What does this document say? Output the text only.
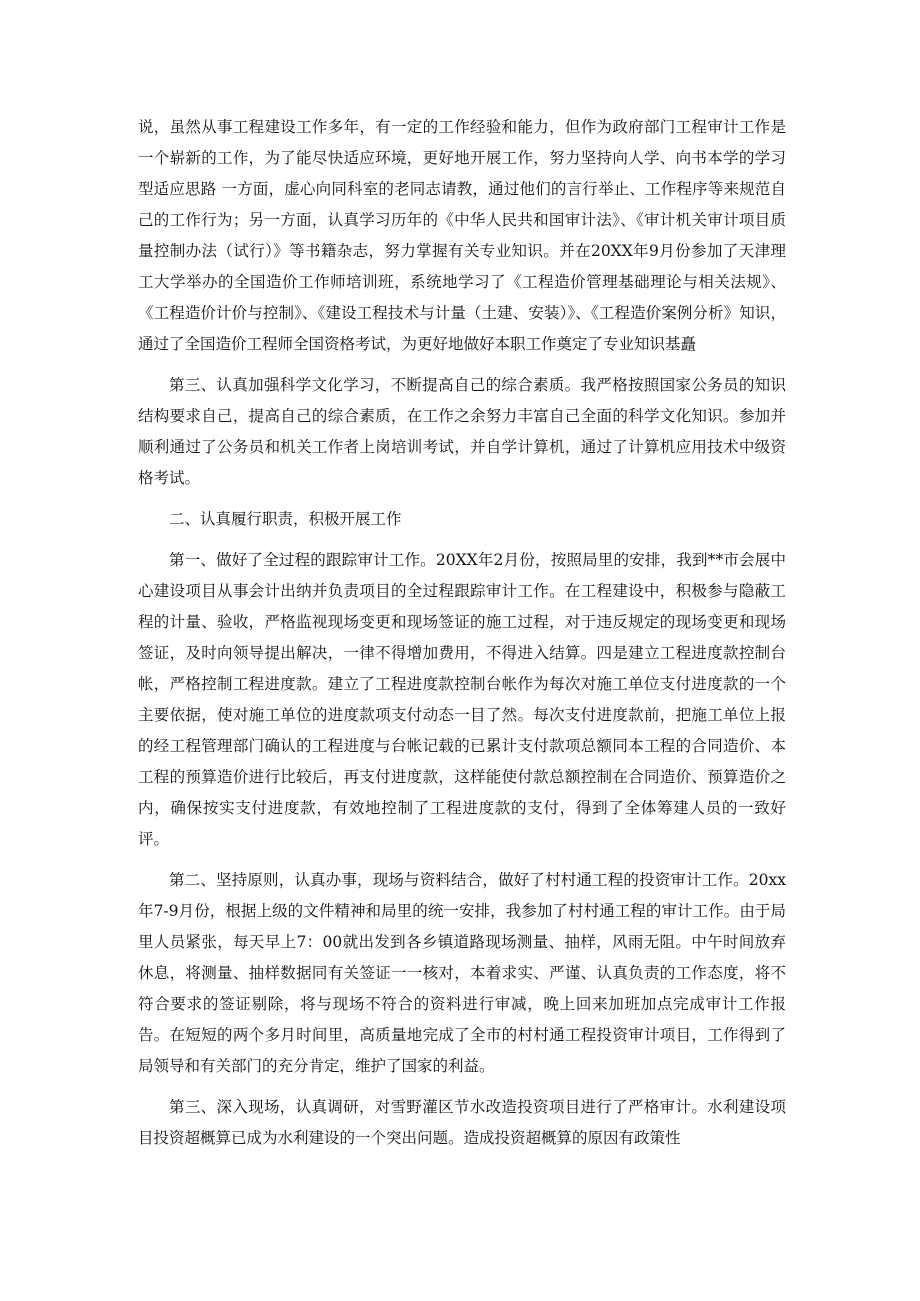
说，虽然从事工程建设工作多年，有一定的工作经验和能力，但作为政府部门工程审计工作是一个崭新的工作，为了能尽快适应环境，更好地开展工作，努力坚持向人学、向书本学的学习型适应思路 一方面，虚心向同科室的老同志请教，通过他们的言行举止、工作程序等来规范自己的工作行为；另一方面，认真学习历年的《中华人民共和国审计法》、《审计机关审计项目质量控制办法（试行）》等书籍杂志，努力掌握有关专业知识。并在20XX年9月份参加了天津理工大学举办的全国造价工作师培训班，系统地学习了《工程造价管理基础理论与相关法规》、《工程造价计价与控制》、《建设工程技术与计量（土建、安装）》、《工程造价案例分析》知识，通过了全国造价工程师全国资格考试，为更好地做好本职工作奠定了专业知识基矗

第三、认真加强科学文化学习，不断提高自己的综合素质。我严格按照国家公务员的知识结构要求自己，提高自己的综合素质，在工作之余努力丰富自己全面的科学文化知识。参加并顺利通过了公务员和机关工作者上岗培训考试，并自学计算机，通过了计算机应用技术中级资格考试。

二、认真履行职责，积极开展工作

第一、做好了全过程的跟踪审计工作。20XX年2月份，按照局里的安排，我到**市会展中心建设项目从事会计出纳并负责项目的全过程跟踪审计工作。在工程建设中，积极参与隐蔽工程的计量、验收，严格监视现场变更和现场签证的施工过程，对于违反规定的现场变更和现场签证，及时向领导提出解决，一律不得增加费用，不得进入结算。四是建立工程进度款控制台帐，严格控制工程进度款。建立了工程进度款控制台帐作为每次对施工单位支付进度款的一个主要依据，使对施工单位的进度款项支付动态一目了然。每次支付进度款前，把施工单位上报的经工程管理部门确认的工程进度与台帐记载的已累计支付款项总额同本工程的合同造价、本工程的预算造价进行比较后，再支付进度款，这样能使付款总额控制在合同造价、预算造价之内，确保按实支付进度款，有效地控制了工程进度款的支付，得到了全体筹建人员的一致好评。

第二、坚持原则，认真办事，现场与资料结合，做好了村村通工程的投资审计工作。20xx年7-9月份，根据上级的文件精神和局里的统一安排，我参加了村村通工程的审计工作。由于局里人员紧张，每天早上7：00就出发到各乡镇道路现场测量、抽样，风雨无阻。中午时间放弃休息，将测量、抽样数据同有关签证一一核对，本着求实、严谨、认真负责的工作态度，将不符合要求的签证剔除，将与现场不符合的资料进行审减，晚上回来加班加点完成审计工作报告。在短短的两个多月时间里，高质量地完成了全市的村村通工程投资审计项目，工作得到了局领导和有关部门的充分肯定，维护了国家的利益。

第三、深入现场，认真调研，对雪野灌区节水改造投资项目进行了严格审计。水利建设项目投资超概算已成为水利建设的一个突出问题。造成投资超概算的原因有政策性
